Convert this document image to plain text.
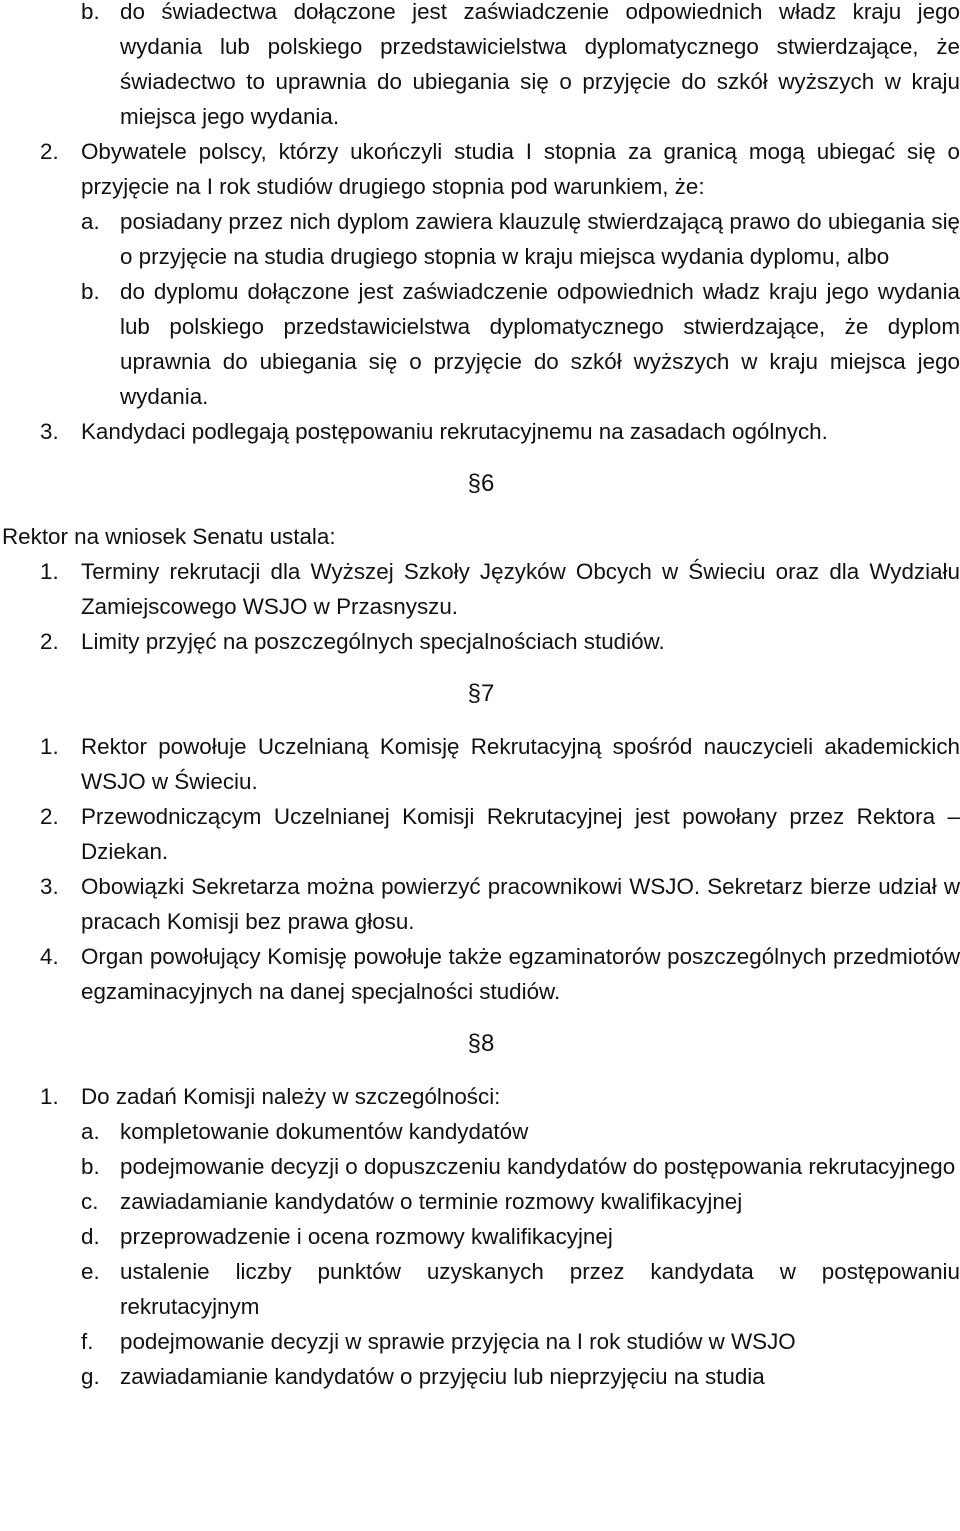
b. do świadectwa dołączone jest zaświadczenie odpowiednich władz kraju jego wydania lub polskiego przedstawicielstwa dyplomatycznego stwierdzające, że świadectwo to uprawnia do ubiegania się o przyjęcie do szkół wyższych w kraju miejsca jego wydania.
2. Obywatele polscy, którzy ukończyli studia I stopnia za granicą mogą ubiegać się o przyjęcie na I rok studiów drugiego stopnia pod warunkiem, że:
a. posiadany przez nich dyplom zawiera klauzulę stwierdzającą prawo do ubiegania się o przyjęcie na studia drugiego stopnia w kraju miejsca wydania dyplomu, albo
b. do dyplomu dołączone jest zaświadczenie odpowiednich władz kraju jego wydania lub polskiego przedstawicielstwa dyplomatycznego stwierdzające, że dyplom uprawnia do ubiegania się o przyjęcie do szkół wyższych w kraju miejsca jego wydania.
3. Kandydaci podlegają postępowaniu rekrutacyjnemu na zasadach ogólnych.
§6
Rektor na wniosek Senatu ustala:
1. Terminy rekrutacji dla Wyższej Szkoły Języków Obcych w Świeciu oraz dla Wydziału Zamiejscowego WSJO w Przasnyszu.
2. Limity przyjęć na poszczególnych specjalnościach studiów.
§7
1. Rektor powołuje Uczelnianą Komisję Rekrutacyjną spośród nauczycieli akademickich WSJO w Świeciu.
2. Przewodniczącym Uczelnianej Komisji Rekrutacyjnej jest powołany przez Rektora – Dziekan.
3. Obowiązki Sekretarza można powierzyć pracownikowi WSJO. Sekretarz bierze udział w pracach Komisji bez prawa głosu.
4. Organ powołujący Komisję powołuje także egzaminatorów poszczególnych przedmiotów egzaminacyjnych na danej specjalności studiów.
§8
1. Do zadań Komisji należy w szczególności:
a. kompletowanie dokumentów kandydatów
b. podejmowanie decyzji o dopuszczeniu kandydatów do postępowania rekrutacyjnego
c. zawiadamianie kandydatów o terminie rozmowy kwalifikacyjnej
d. przeprowadzenie i ocena rozmowy kwalifikacyjnej
e. ustalenie liczby punktów uzyskanych przez kandydata w postępowaniu rekrutacyjnym
f. podejmowanie decyzji w sprawie przyjęcia na I rok studiów w WSJO
g. zawiadamianie kandydatów o przyjęciu lub nieprzyjęciu na studia
